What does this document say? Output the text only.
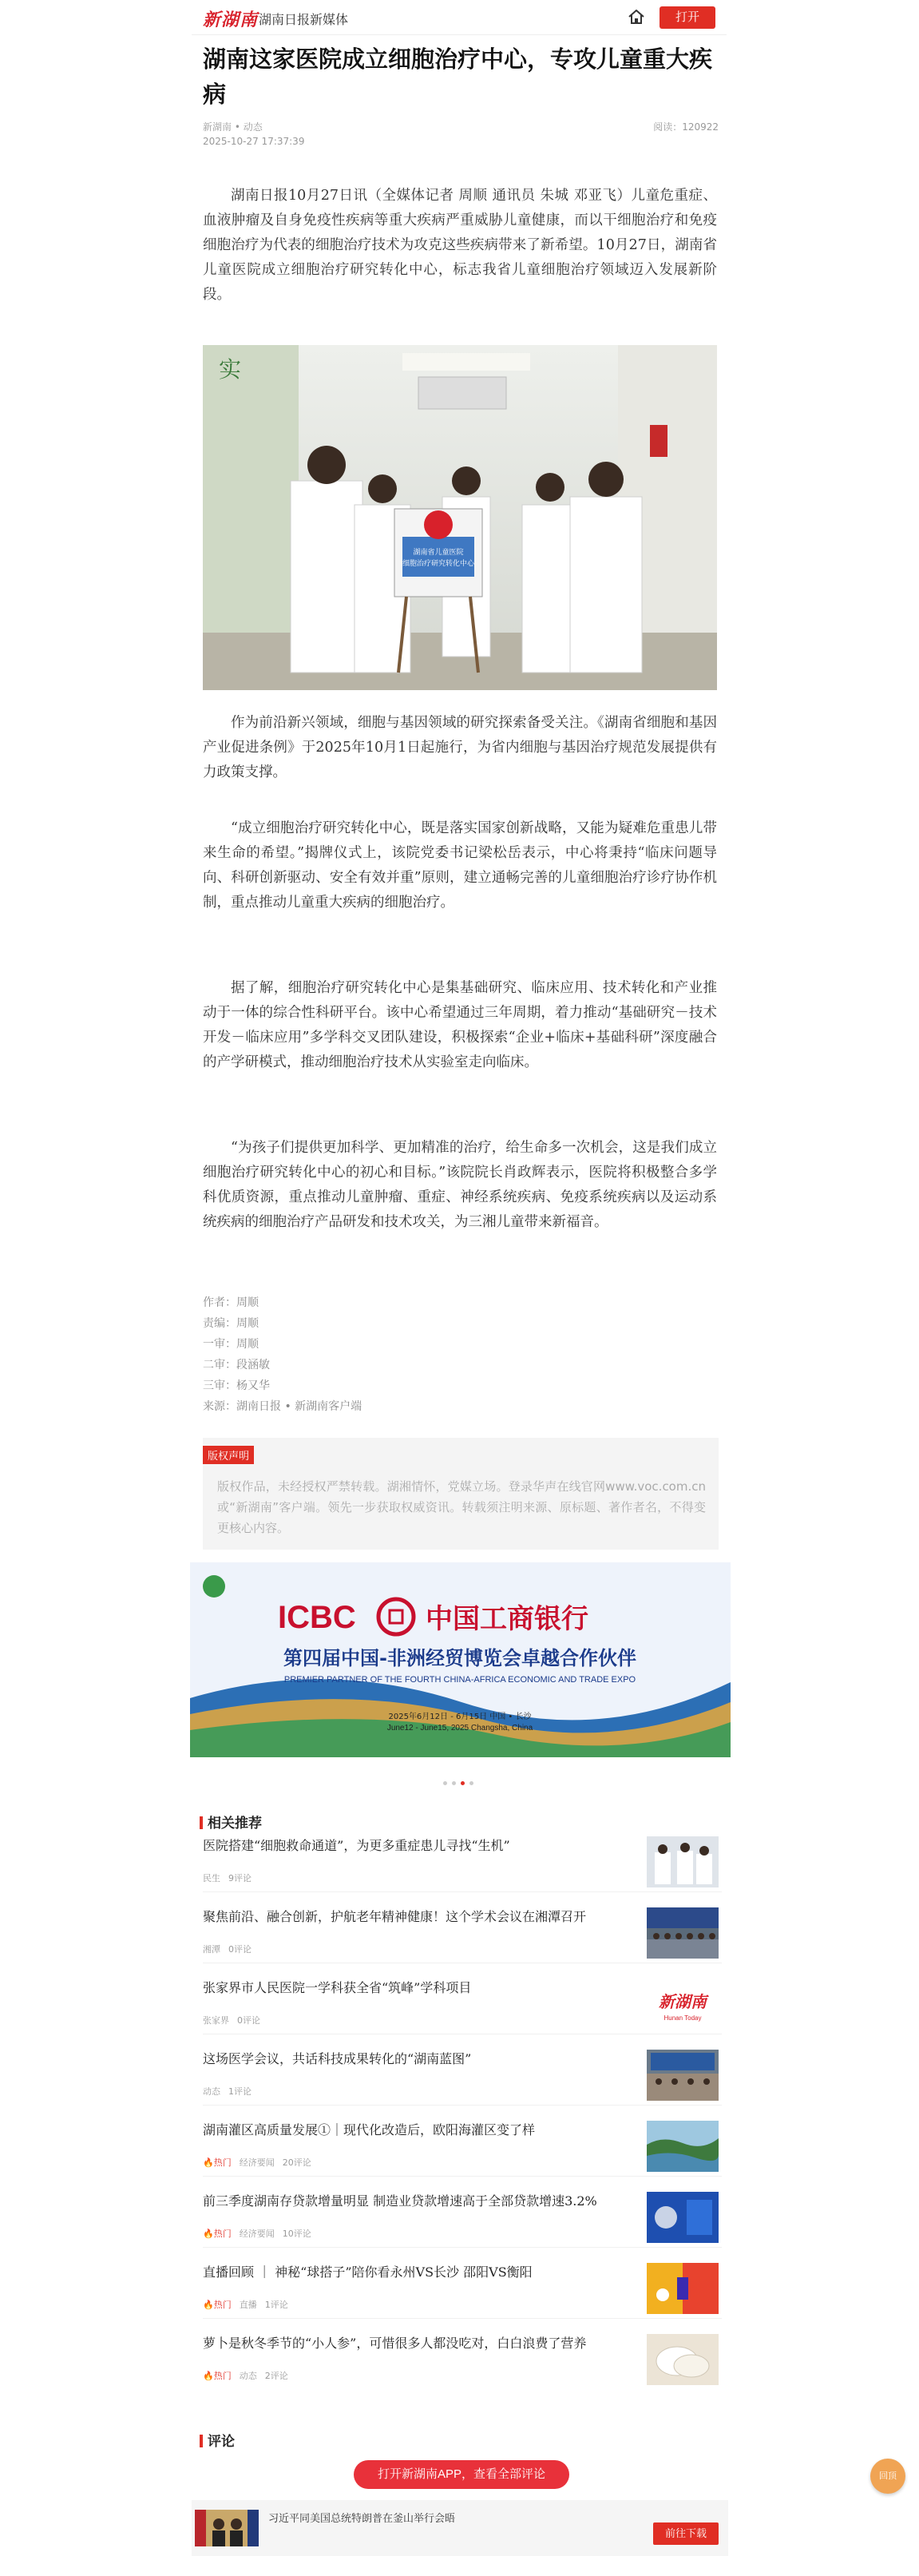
新湖南 湖南日报新媒体	打开
湖南这家医院成立细胞治疗中心，专攻儿童重大疾病
新湖南 • 动态
2025-10-27 17:37:39
阅读：120922

湖南日报10月27日讯（全媒体记者 周顺 通讯员 朱城 邓亚飞）儿童危重症、血液肿瘤及自身免疫性疾病等重大疾病严重威胁儿童健康，而以干细胞治疗和免疫细胞治疗为代表的细胞治疗技术为攻克这些疾病带来了新希望。10月27日，湖南省儿童医院成立细胞治疗研究转化中心，标志我省儿童细胞治疗领域迈入发展新阶段。

湖南省儿童医院
细胞治疗研究转化中心
实

作为前沿新兴领域，细胞与基因领域的研究探索备受关注。《湖南省细胞和基因产业促进条例》于2025年10月1日起施行，为省内细胞与基因治疗规范发展提供有力政策支撑。

“成立细胞治疗研究转化中心，既是落实国家创新战略，又能为疑难危重患儿带来生命的希望。”揭牌仪式上，该院党委书记梁松岳表示，中心将秉持“临床问题导向、科研创新驱动、安全有效并重”原则，建立通畅完善的儿童细胞治疗诊疗协作机制，重点推动儿童重大疾病的细胞治疗。

据了解，细胞治疗研究转化中心是集基础研究、临床应用、技术转化和产业推动于一体的综合性科研平台。该中心希望通过三年周期，着力推动“基础研究－技术开发－临床应用”多学科交叉团队建设，积极探索“企业+临床+基础科研”深度融合的产学研模式，推动细胞治疗技术从实验室走向临床。

“为孩子们提供更加科学、更加精准的治疗，给生命多一次机会，这是我们成立细胞治疗研究转化中心的初心和目标。”该院院长肖政辉表示，医院将积极整合多学科优质资源，重点推动儿童肿瘤、重症、神经系统疾病、免疫系统疾病以及运动系统疾病的细胞治疗产品研发和技术攻关，为三湘儿童带来新福音。

作者：周顺
责编：周顺
一审：周顺
二审：段涵敏
三审：杨又华
来源：湖南日报 • 新湖南客户端
版权声明
版权作品，未经授权严禁转载。湖湘情怀，党媒立场。登录华声在线官网www.voc.com.cn或“新湖南”客户端。领先一步获取权威资讯。转载须注明来源、原标题、著作者名，不得变更核心内容。
ICBC	中国工商银行
第四届中国-非洲经贸博览会卓越合作伙伴
PREMIER PARTNER OF THE FOURTH CHINA-AFRICA ECONOMIC AND TRADE EXPO
2025年6月12日 - 6月15日 中国 • 长沙
June12 - June15, 2025 Changsha, China
相关推荐
医院搭建“细胞救命通道”，为更多重症患儿寻找“生机”
民生 9评论
聚焦前沿、融合创新，护航老年精神健康！这个学术会议在湘潭召开
湘潭 0评论
张家界市人民医院一学科获全省“筑峰”学科项目
张家界 0评论
新湖南
Hunan Today
这场医学会议，共话科技成果转化的“湖南蓝图”
动态 1评论
湖南灌区高质量发展①｜现代化改造后，欧阳海灌区变了样
🔥热门 经济要闻 20评论
前三季度湖南存贷款增量明显 制造业贷款增速高于全部贷款增速3.2%
🔥热门 经济要闻 10评论
直播回顾 ｜ 神秘“球搭子”陪你看永州VS长沙 邵阳VS衡阳
🔥热门 直播 1评论
萝卜是秋冬季节的“小人参”，可惜很多人都没吃对，白白浪费了营养
🔥热门 动态 2评论
评论
打开新湖南APP，查看全部评论
习近平同美国总统特朗普在釜山举行会晤
前往下载
回顶
